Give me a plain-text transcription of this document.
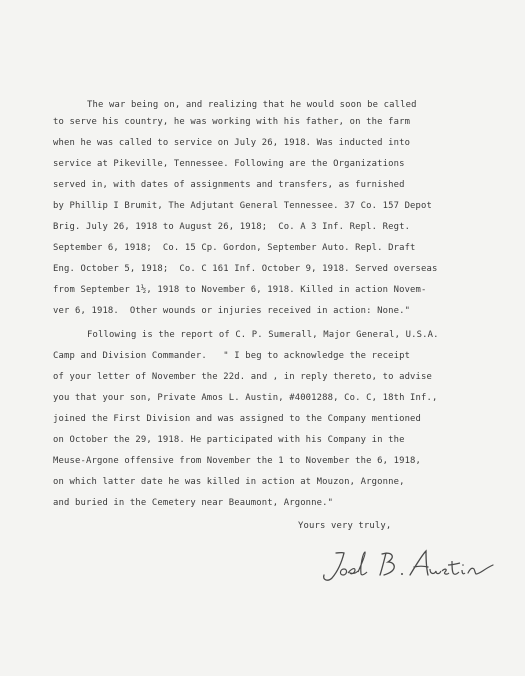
The war being on, and realizing that he would soon be called
to serve his country, he was working with his father, on the farm
when he was called to service on July 26, 1918. Was inducted into
service at Pikeville, Tennessee. Following are the Organizations
served in, with dates of assignments and transfers, as furnished
by Phillip I Brumit, The Adjutant General Tennessee. 37 Co. 157 Depot
Brig. July 26, 1918 to August 26, 1918;  Co. A 3 Inf. Repl. Regt.
September 6, 1918;  Co. 15 Cp. Gordon, September Auto. Repl. Draft
Eng. October 5, 1918;  Co. C 161 Inf. October 9, 1918. Served overseas
from September 1½, 1918 to November 6, 1918. Killed in action Novem-
ver 6, 1918.  Other wounds or injuries received in action: None."
Following is the report of C. P. Sumerall, Major General, U.S.A.
Camp and Division Commander.   " I beg to acknowledge the receipt
of your letter of November the 22d. and , in reply thereto, to advise
you that your son, Private Amos L. Austin, #4001288, Co. C, 18th Inf.,
joined the First Division and was assigned to the Company mentioned
on October the 29, 1918. He participated with his Company in the
Meuse-Argone offensive from November the 1 to November the 6, 1918,
on which latter date he was killed in action at Mouzon, Argonne,
and buried in the Cemetery near Beaumont, Argonne."
Yours very truly,
